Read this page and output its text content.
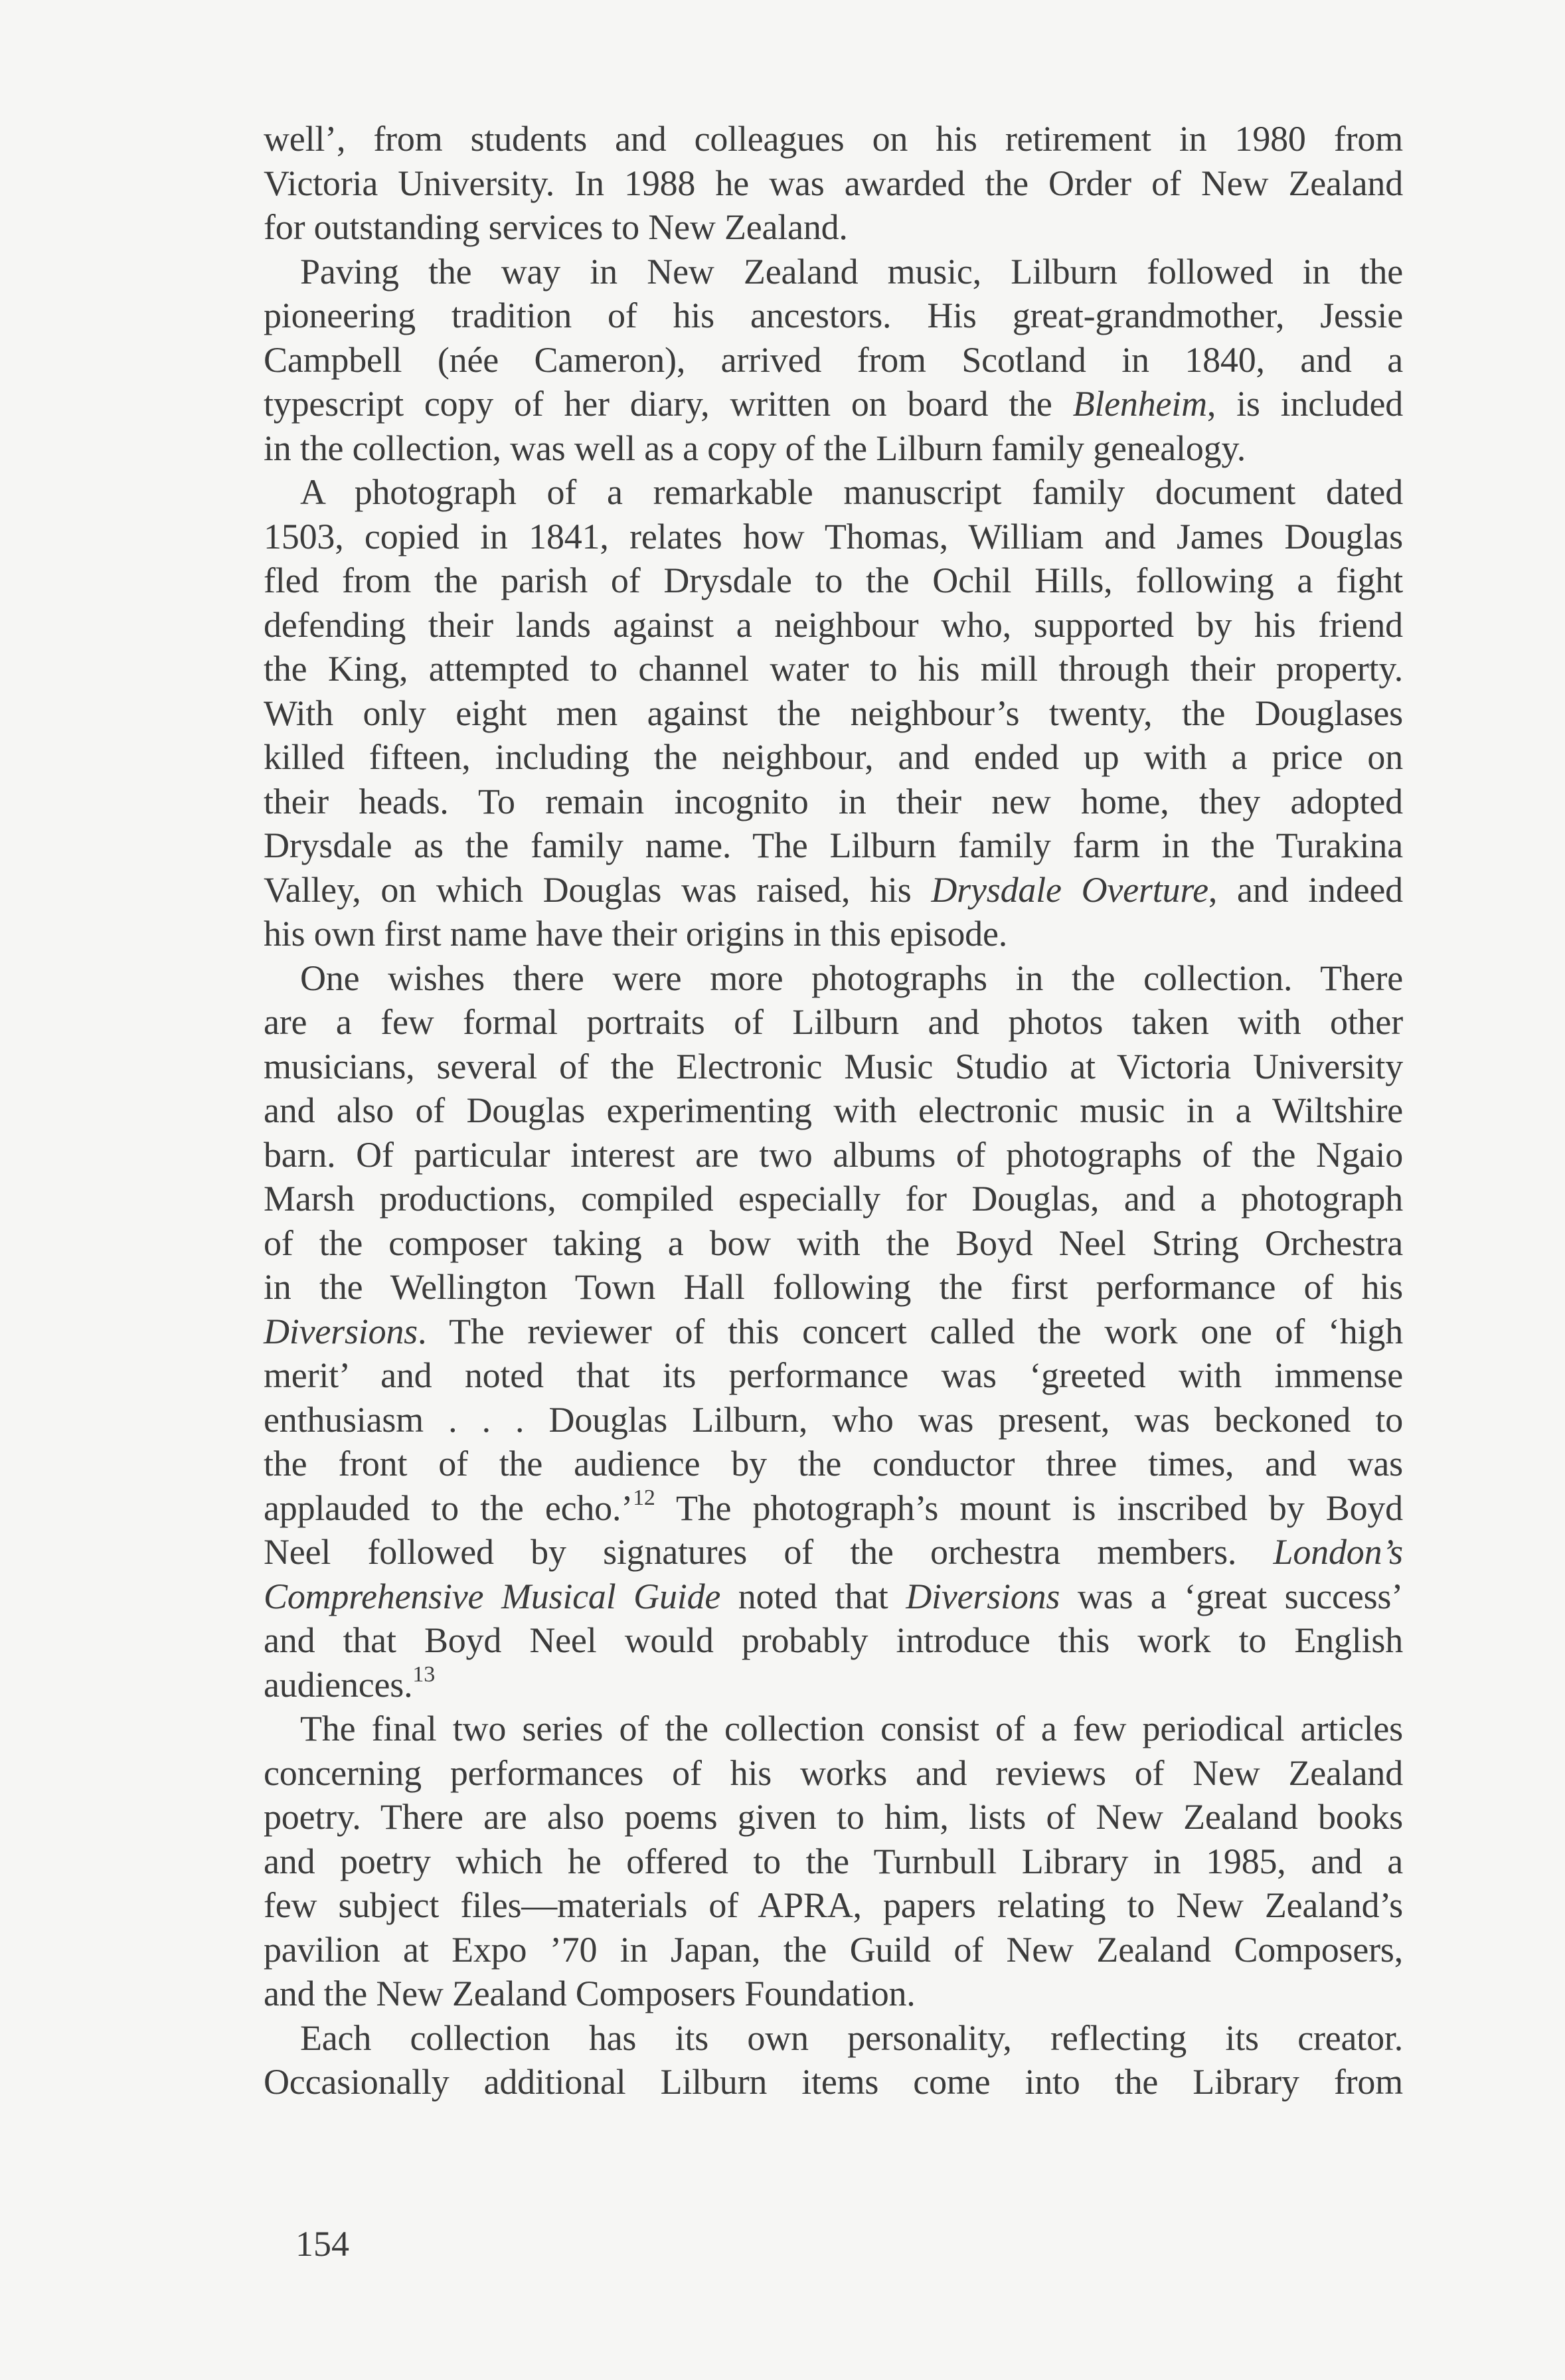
well’, from students and colleagues on his retirement in 1980 from
Victoria University. In 1988 he was awarded the Order of New Zealand
for outstanding services to New Zealand.
Paving the way in New Zealand music, Lilburn followed in the
pioneering tradition of his ancestors. His great-grandmother, Jessie
Campbell (née Cameron), arrived from Scotland in 1840, and a
typescript copy of her diary, written on board the Blenheim, is included
in the collection, was well as a copy of the Lilburn family genealogy.
A photograph of a remarkable manuscript family document dated
1503, copied in 1841, relates how Thomas, William and James Douglas
fled from the parish of Drysdale to the Ochil Hills, following a fight
defending their lands against a neighbour who, supported by his friend
the King, attempted to channel water to his mill through their property.
With only eight men against the neighbour’s twenty, the Douglases
killed fifteen, including the neighbour, and ended up with a price on
their heads. To remain incognito in their new home, they adopted
Drysdale as the family name. The Lilburn family farm in the Turakina
Valley, on which Douglas was raised, his Drysdale Overture, and indeed
his own first name have their origins in this episode.
One wishes there were more photographs in the collection. There
are a few formal portraits of Lilburn and photos taken with other
musicians, several of the Electronic Music Studio at Victoria University
and also of Douglas experimenting with electronic music in a Wiltshire
barn. Of particular interest are two albums of photographs of the Ngaio
Marsh productions, compiled especially for Douglas, and a photograph
of the composer taking a bow with the Boyd Neel String Orchestra
in the Wellington Town Hall following the first performance of his
Diversions. The reviewer of this concert called the work one of ‘high
merit’ and noted that its performance was ‘greeted with immense
enthusiasm . . . Douglas Lilburn, who was present, was beckoned to
the front of the audience by the conductor three times, and was
applauded to the echo.’$^{12}$ The photograph’s mount is inscribed by Boyd
Neel followed by signatures of the orchestra members. London’s
Comprehensive Musical Guide noted that Diversions was a ‘great success’
and that Boyd Neel would probably introduce this work to English
audiences.$^{13}$
The final two series of the collection consist of a few periodical articles
concerning performances of his works and reviews of New Zealand
poetry. There are also poems given to him, lists of New Zealand books
and poetry which he offered to the Turnbull Library in 1985, and a
few subject files—materials of APRA, papers relating to New Zealand’s
pavilion at Expo ’70 in Japan, the Guild of New Zealand Composers,
and the New Zealand Composers Foundation.
Each collection has its own personality, reflecting its creator.
Occasionally additional Lilburn items come into the Library from
154
